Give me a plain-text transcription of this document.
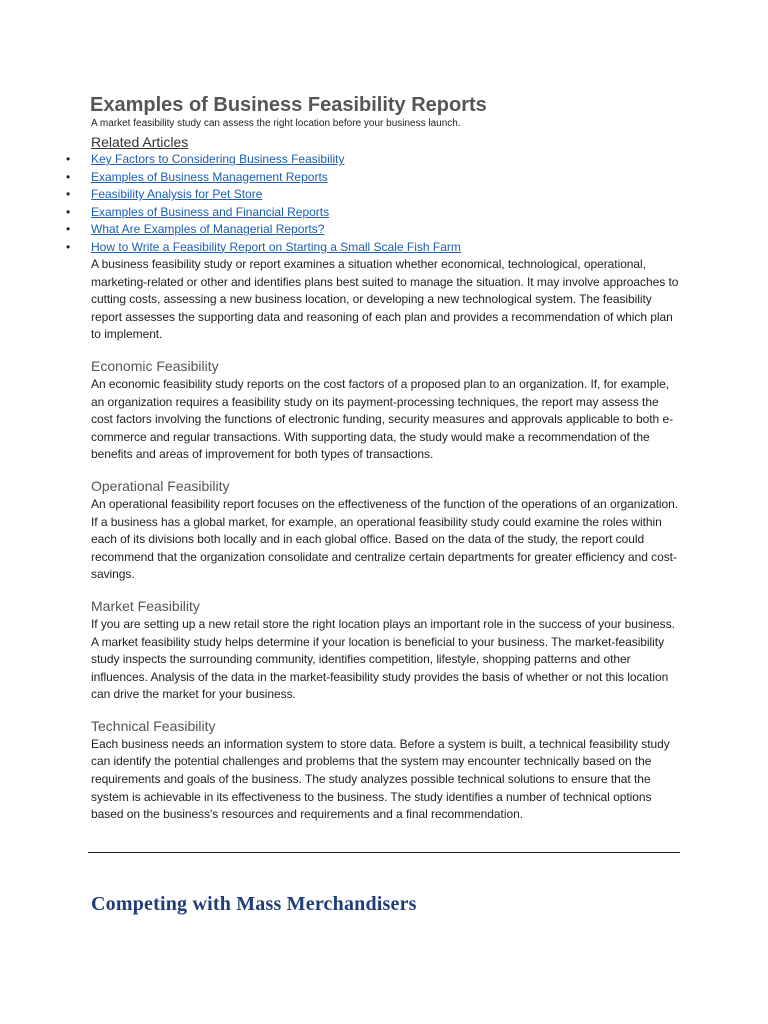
Examples of Business Feasibility Reports
A market feasibility study can assess the right location before your business launch.
Related Articles
• Key Factors to Considering Business Feasibility
• Examples of Business Management Reports
• Feasibility Analysis for Pet Store
• Examples of Business and Financial Reports
• What Are Examples of Managerial Reports?
• How to Write a Feasibility Report on Starting a Small Scale Fish Farm

A business feasibility study or report examines a situation whether economical, technological, operational, marketing-related or other and identifies plans best suited to manage the situation. It may involve approaches to cutting costs, assessing a new business location, or developing a new technological system. The feasibility report assesses the supporting data and reasoning of each plan and provides a recommendation of which plan to implement.

Economic Feasibility

An economic feasibility study reports on the cost factors of a proposed plan to an organization. If, for example, an organization requires a feasibility study on its payment-processing techniques, the report may assess the cost factors involving the functions of electronic funding, security measures and approvals applicable to both e-commerce and regular transactions. With supporting data, the study would make a recommendation of the benefits and areas of improvement for both types of transactions.

Operational Feasibility

An operational feasibility report focuses on the effectiveness of the function of the operations of an organization. If a business has a global market, for example, an operational feasibility study could examine the roles within each of its divisions both locally and in each global office. Based on the data of the study, the report could recommend that the organization consolidate and centralize certain departments for greater efficiency and cost-savings.

Market Feasibility

If you are setting up a new retail store the right location plays an important role in the success of your business. A market feasibility study helps determine if your location is beneficial to your business. The market-feasibility study inspects the surrounding community, identifies competition, lifestyle, shopping patterns and other influences. Analysis of the data in the market-feasibility study provides the basis of whether or not this location can drive the market for your business.

Technical Feasibility

Each business needs an information system to store data. Before a system is built, a technical feasibility study can identify the potential challenges and problems that the system may encounter technically based on the requirements and goals of the business. The study analyzes possible technical solutions to ensure that the system is achievable in its effectiveness to the business. The study identifies a number of technical options based on the business's resources and requirements and a final recommendation.

Competing with Mass Merchandisers
